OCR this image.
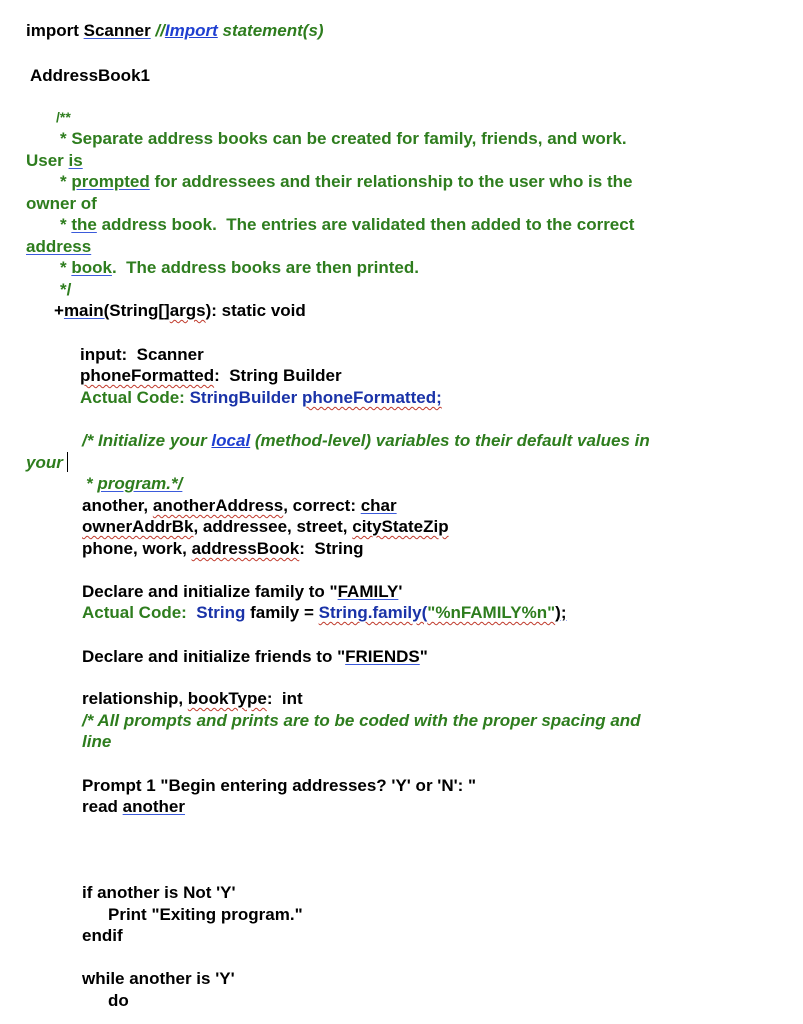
import Scanner //Import statement(s)
AddressBook1
/**
* Separate address books can be created for family, friends, and work.
User is
* prompted for addressees and their relationship to the user who is the
owner of
* the address book.  The entries are validated then added to the correct
address
* book.  The address books are then printed.
*/
+main(String[]args): static void
input:  Scanner
phoneFormatted:  String Builder
Actual Code: StringBuilder phoneFormatted;
/* Initialize your local (method-level) variables to their default values in
your
* program.*/
another, anotherAddress, correct: char
ownerAddrBk, addressee, street, cityStateZip
phone, work, addressBook:  String
Declare and initialize family to "FAMILY'
Actual Code:  String family = String.family("%nFAMILY%n");
Declare and initialize friends to "FRIENDS"
relationship, bookType:  int
/* All prompts and prints are to be coded with the proper spacing and
line
Prompt 1 "Begin entering addresses? 'Y' or 'N': "
read another
if another is Not 'Y'
Print "Exiting program."
endif
while another is 'Y'
do
